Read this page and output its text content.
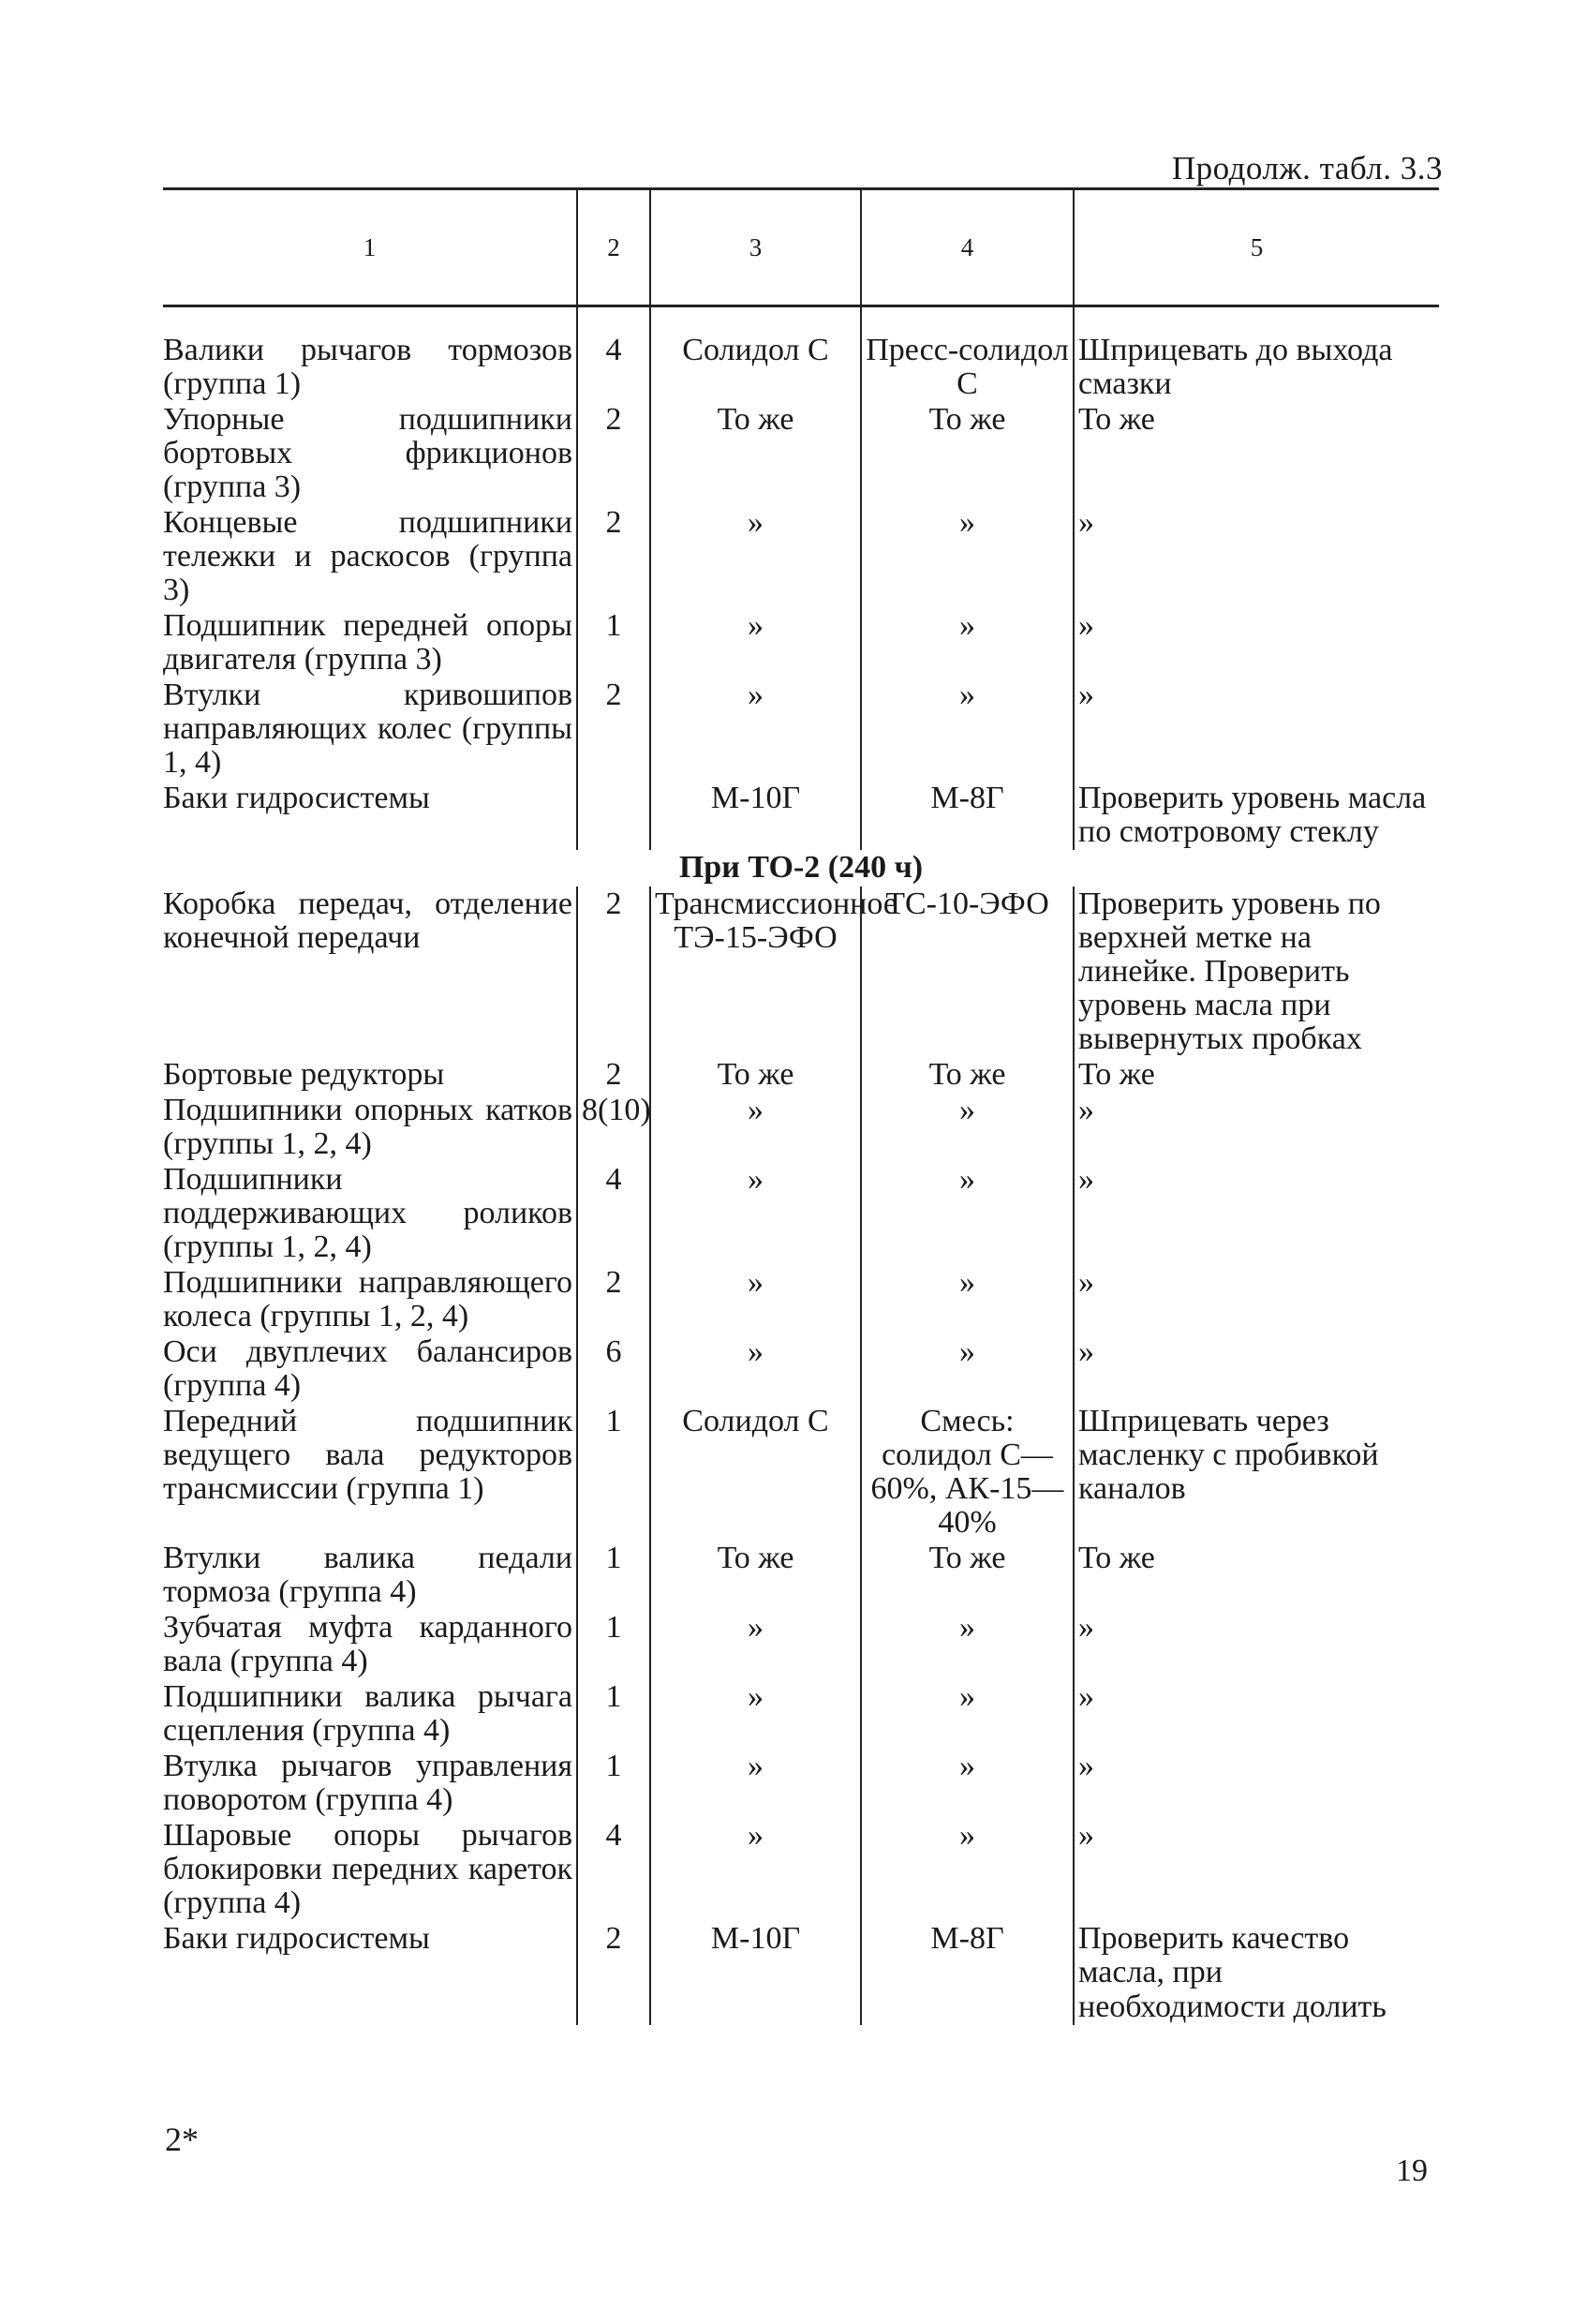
Продолж. табл. 3.3
1	2	3	4	5
Валики рычагов тормозов (группа 1)	4	Солидол С	Пресс-солидол С	Шприцевать до выхода смазки
Упорные подшипники бортовых фрикционов (группа 3)	2	То же	То же	То же
Концевые подшипники тележки и раскосов (группа 3)	2	»	»	»
Подшипник передней опоры двигателя (группа 3)	1	»	»	»
Втулки кривошипов направляющих колес (группы 1, 4)	2	»	»	»
Баки гидросистемы		М-10Г	М-8Г	Проверить уровень масла по смотровому стеклу
При ТО-2 (240 ч)				
Коробка передач, отделение конечной передачи	2	Трансмиссионное ТЭ-15-ЭФО	ТС-10-ЭФО	Проверить уровень по верхней метке на линейке. Проверить уровень масла при вывернутых пробках
Бортовые редукторы	2	То же	То же	То же
Подшипники опорных катков (группы 1, 2, 4)	8(10)	»	»	»
Подшипники поддерживающих роликов (группы 1, 2, 4)	4	»	»	»
Подшипники направляющего колеса (группы 1, 2, 4)	2	»	»	»
Оси двуплечих балансиров (группа 4)	6	»	»	»
Передний подшипник ведущего вала редукторов трансмиссии (группа 1)	1	Солидол С	Смесь: солидол С—60%, АК-15—40%	Шприцевать через масленку с пробивкой каналов
Втулки валика педали тормоза (группа 4)	1	То же	То же	То же
Зубчатая муфта карданного вала (группа 4)	1	»	»	»
Подшипники валика рычага сцепления (группа 4)	1	»	»	»
Втулка рычагов управления поворотом (группа 4)	1	»	»	»
Шаровые опоры рычагов блокировки передних кареток (группа 4)	4	»	»	»
Баки гидросистемы	2	М-10Г	М-8Г	Проверить качество масла, при необходимости долить
2*
19
